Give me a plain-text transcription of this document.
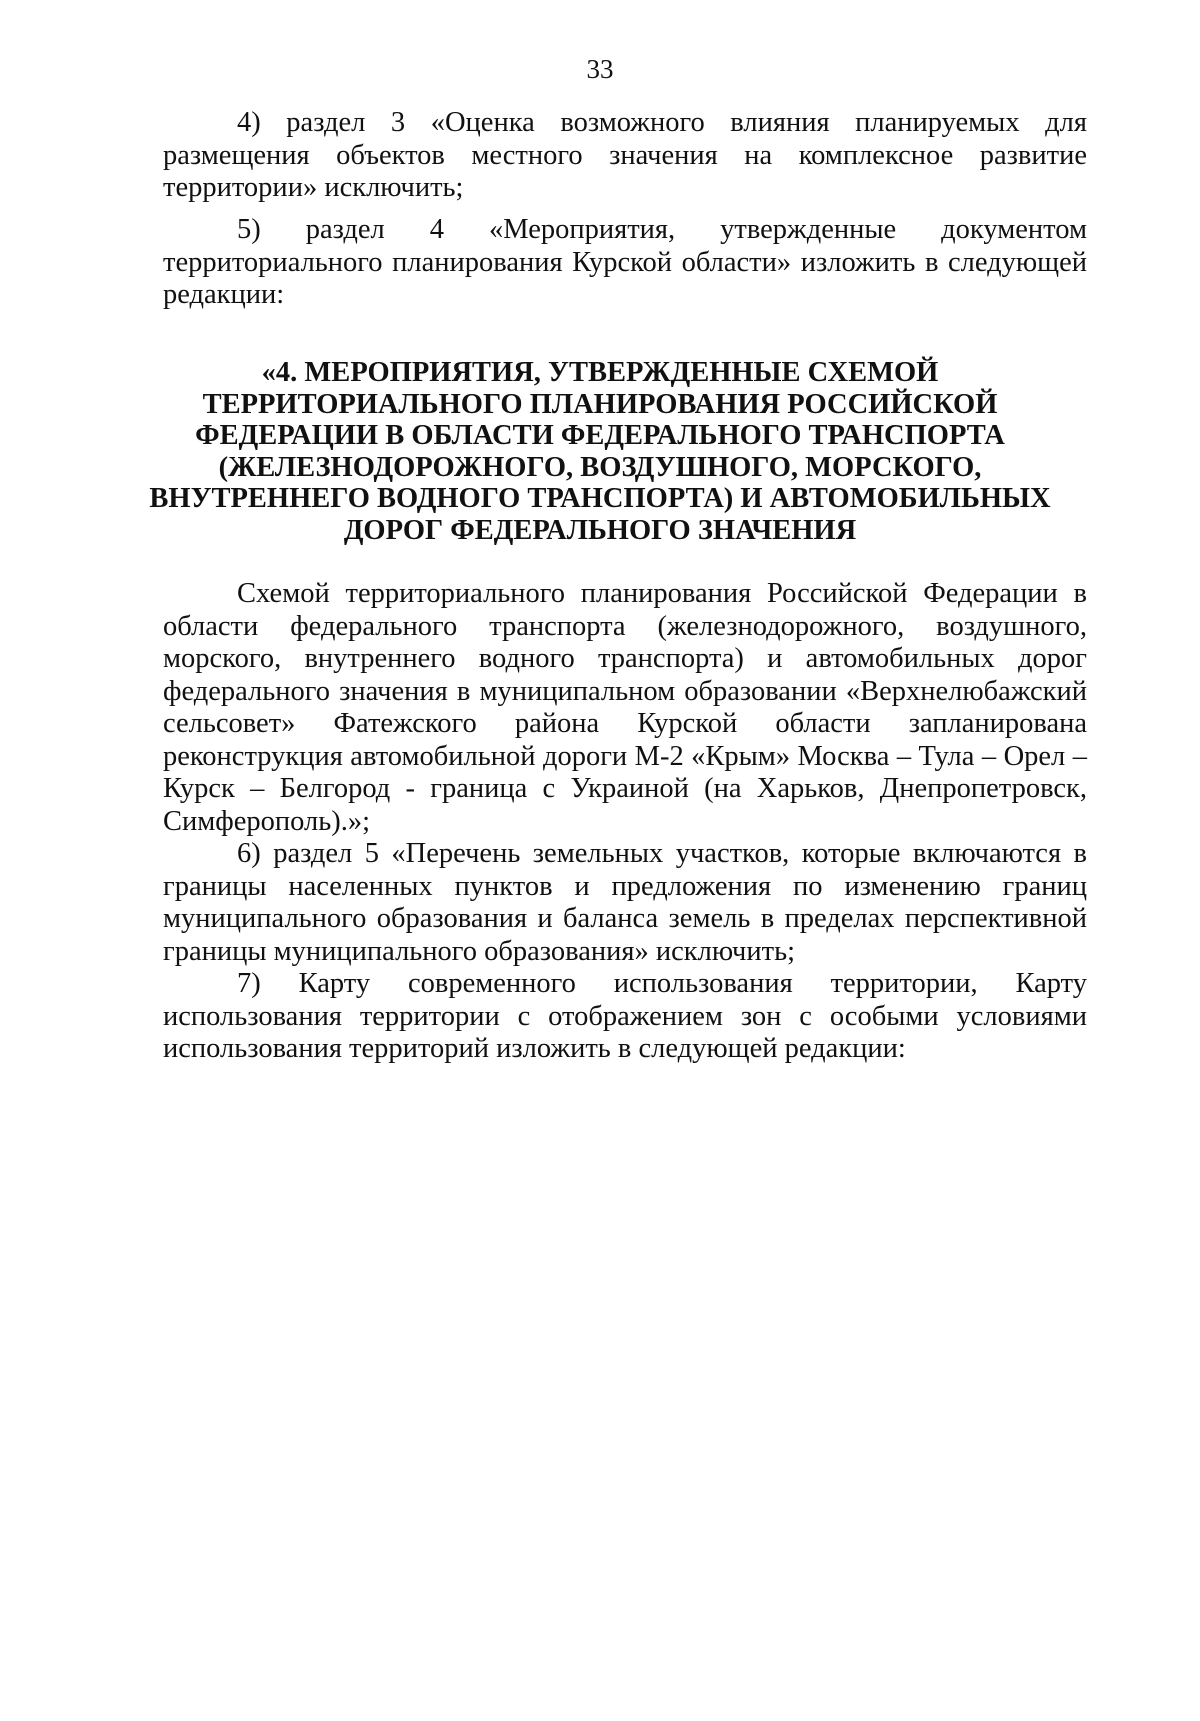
33
4) раздел 3 «Оценка возможного влияния планируемых для
размещения объектов местного значения на комплексное развитие
территории» исключить;
5) раздел 4 «Мероприятия, утвержденные документом
территориального планирования Курской области» изложить в следующей
редакции:
«4. МЕРОПРИЯТИЯ, УТВЕРЖДЕННЫЕ СХЕМОЙ
ТЕРРИТОРИАЛЬНОГО ПЛАНИРОВАНИЯ РОССИЙСКОЙ
ФЕДЕРАЦИИ В ОБЛАСТИ ФЕДЕРАЛЬНОГО ТРАНСПОРТА
(ЖЕЛЕЗНОДОРОЖНОГО, ВОЗДУШНОГО, МОРСКОГО,
ВНУТРЕННЕГО ВОДНОГО ТРАНСПОРТА) И АВТОМОБИЛЬНЫХ
ДОРОГ ФЕДЕРАЛЬНОГО ЗНАЧЕНИЯ
Схемой территориального планирования Российской Федерации в
области федерального транспорта (железнодорожного, воздушного,
морского, внутреннего водного транспорта) и автомобильных дорог
федерального значения в муниципальном образовании «Верхнелюбажский
сельсовет» Фатежского района Курской области запланирована
реконструкция автомобильной дороги М-2 «Крым» Москва – Тула – Орел –
Курск – Белгород - граница с Украиной (на Харьков, Днепропетровск,
Симферополь).»;
6) раздел 5 «Перечень земельных участков, которые включаются в
границы населенных пунктов и предложения по изменению границ
муниципального образования и баланса земель в пределах перспективной
границы муниципального образования» исключить;
7) Карту современного использования территории, Карту
использования территории с отображением зон с особыми условиями
использования территорий изложить в следующей редакции:
